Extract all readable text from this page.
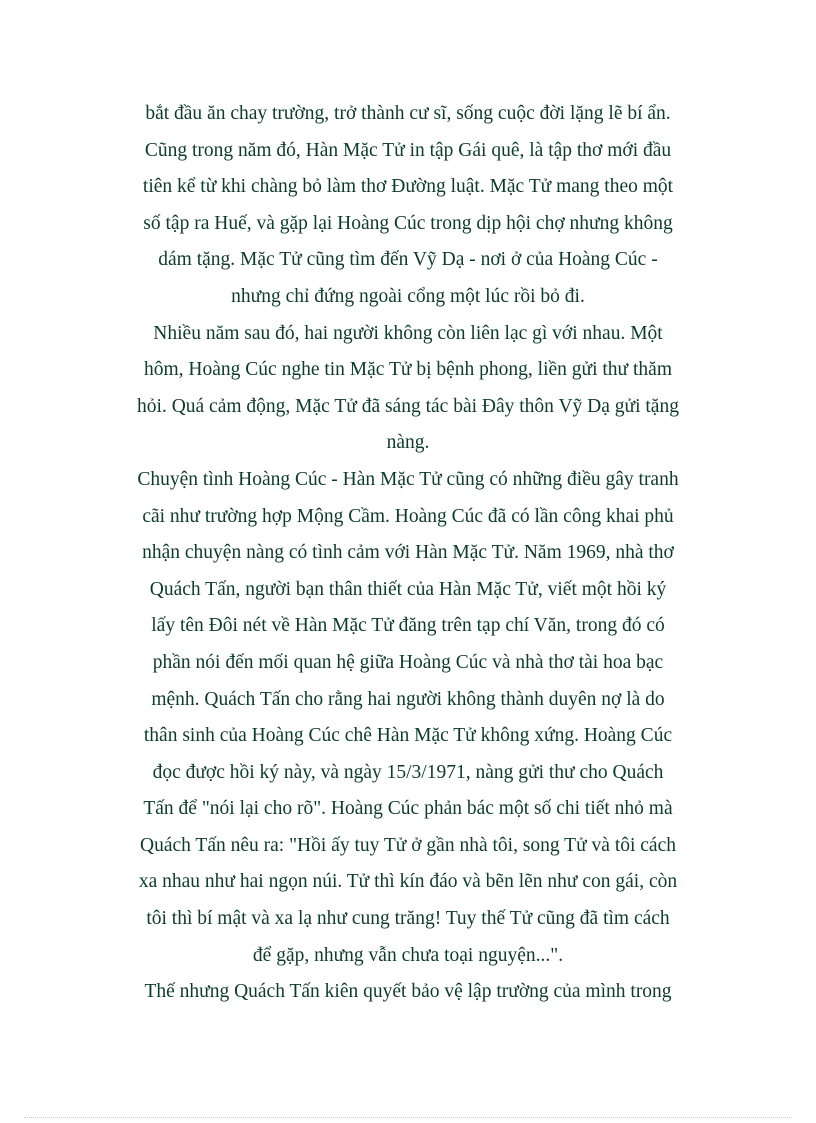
bắt đầu ăn chay trường, trở thành cư sĩ, sống cuộc đời lặng lẽ bí ẩn.
Cũng trong năm đó, Hàn Mặc Tử in tập Gái quê, là tập thơ mới đầu
tiên kể từ khi chàng bỏ làm thơ Đường luật. Mặc Tử mang theo một
số tập ra Huế, và gặp lại Hoàng Cúc trong dịp hội chợ nhưng không
dám tặng. Mặc Tử cũng tìm đến Vỹ Dạ - nơi ở của Hoàng Cúc -
nhưng chỉ đứng ngoài cổng một lúc rồi bỏ đi.
Nhiều năm sau đó, hai người không còn liên lạc gì với nhau. Một
hôm, Hoàng Cúc nghe tin Mặc Tử bị bệnh phong, liền gửi thư thăm
hỏi. Quá cảm động, Mặc Tử đã sáng tác bài Đây thôn Vỹ Dạ gửi tặng
nàng.
Chuyện tình Hoàng Cúc - Hàn Mặc Tử cũng có những điều gây tranh
cãi như trường hợp Mộng Cầm. Hoàng Cúc đã có lần công khai phủ
nhận chuyện nàng có tình cảm với Hàn Mặc Tử. Năm 1969, nhà thơ
Quách Tấn, người bạn thân thiết của Hàn Mặc Tử, viết một hồi ký
lấy tên Đôi nét về Hàn Mặc Tử đăng trên tạp chí Văn, trong đó có
phần nói đến mối quan hệ giữa Hoàng Cúc và nhà thơ tài hoa bạc
mệnh. Quách Tấn cho rằng hai người không thành duyên nợ là do
thân sinh của Hoàng Cúc chê Hàn Mặc Tử không xứng. Hoàng Cúc
đọc được hồi ký này, và ngày 15/3/1971, nàng gửi thư cho Quách
Tấn để "nói lại cho rõ". Hoàng Cúc phản bác một số chi tiết nhỏ mà
Quách Tấn nêu ra: "Hồi ấy tuy Tử ở gần nhà tôi, song Tử và tôi cách
xa nhau như hai ngọn núi. Tử thì kín đáo và bẽn lẽn như con gái, còn
tôi thì bí mật và xa lạ như cung trăng! Tuy thế Tử cũng đã tìm cách
để gặp, nhưng vẫn chưa toại nguyện...".
Thế nhưng Quách Tấn kiên quyết bảo vệ lập trường của mình trong
